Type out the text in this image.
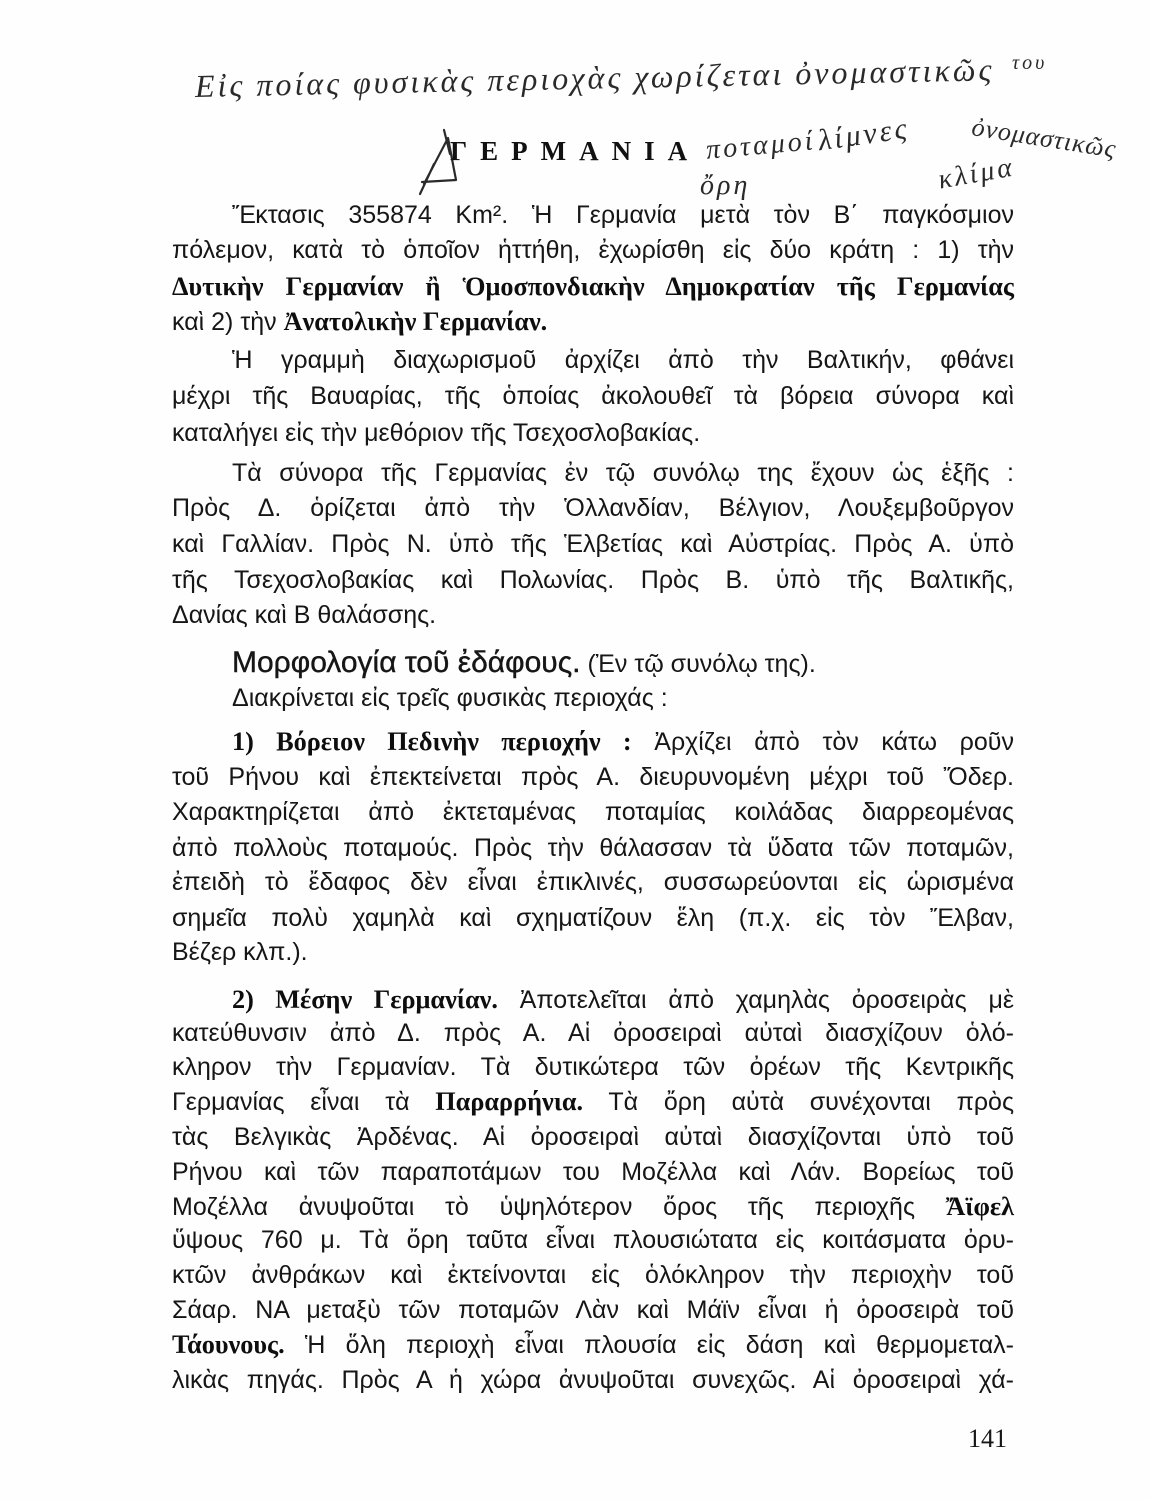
Εἰς ποίας φυσικὰς περιοχὰς χωρίζεται ὀνομαστικῶς του
ποταμοί λίμνες ὀνομαστικῶς
ὄρη	κλίμα
ΓΕΡΜΑΝΙΑ
Ἔκτασις 355874 Km². Ἡ Γερμανία μετὰ τὸν Β΄ παγκόσμιον
πόλεμον, κατὰ τὸ ὁποῖον ἡττήθη, ἐχωρίσθη εἰς δύο κράτη : 1) τὴν
Δυτικὴν Γερμανίαν ἢ Ὁμοσπονδιακὴν Δημοκρατίαν τῆς Γερμανίας
καὶ 2) τὴν Ἀνατολικὴν Γερμανίαν.
Ἡ γραμμὴ διαχωρισμοῦ ἀρχίζει ἀπὸ τὴν Βαλτικήν, φθάνει
μέχρι τῆς Βαυαρίας, τῆς ὁποίας ἀκολουθεῖ τὰ βόρεια σύνορα καὶ
καταλήγει εἰς τὴν μεθόριον τῆς Τσεχοσλοβακίας.
Τὰ σύνορα τῆς Γερμανίας ἐν τῷ συνόλῳ της ἔχουν ὡς ἑξῆς :
Πρὸς Δ. ὁρίζεται ἀπὸ τὴν Ὁλλανδίαν, Βέλγιον, Λουξεμβοῦργον
καὶ Γαλλίαν. Πρὸς Ν. ὑπὸ τῆς Ἑλβετίας καὶ Αὐστρίας. Πρὸς Α. ὑπὸ
τῆς Τσεχοσλοβακίας καὶ Πολωνίας. Πρὸς Β. ὑπὸ τῆς Βαλτικῆς,
Δανίας καὶ Β θαλάσσης.
Μορφολογία τοῦ ἐδάφους. (Ἐν τῷ συνόλῳ της).
Διακρίνεται εἰς τρεῖς φυσικὰς περιοχάς :
1) Βόρειον Πεδινὴν περιοχήν : Ἀρχίζει ἀπὸ τὸν κάτω ροῦν
τοῦ Ρήνου καὶ ἐπεκτείνεται πρὸς Α. διευρυνομένη μέχρι τοῦ Ὄδερ.
Χαρακτηρίζεται ἀπὸ ἐκτεταμένας ποταμίας κοιλάδας διαρρεομένας
ἀπὸ πολλοὺς ποταμούς. Πρὸς τὴν θάλασσαν τὰ ὕδατα τῶν ποταμῶν,
ἐπειδὴ τὸ ἔδαφος δὲν εἶναι ἐπικλινές, συσσωρεύονται εἰς ὡρισμένα
σημεῖα πολὺ χαμηλὰ καὶ σχηματίζουν ἕλη (π.χ. εἰς τὸν Ἔλβαν,
Βέζερ κλπ.).
2) Μέσην Γερμανίαν. Ἀποτελεῖται ἀπὸ χαμηλὰς ὀροσειρὰς μὲ
κατεύθυνσιν ἀπὸ Δ. πρὸς Α. Αἱ ὀροσειραὶ αὐταὶ διασχίζουν ὁλό-
κληρον τὴν Γερμανίαν. Τὰ δυτικώτερα τῶν ὀρέων τῆς Κεντρικῆς
Γερμανίας εἶναι τὰ Παραρρήνια. Τὰ ὄρη αὐτὰ συνέχονται πρὸς
τὰς Βελγικὰς Ἀρδένας. Αἱ ὀροσειραὶ αὐταὶ διασχίζονται ὑπὸ τοῦ
Ρήνου καὶ τῶν παραποτάμων του Μοζέλλα καὶ Λάν. Βορείως τοῦ
Μοζέλλα ἀνυψοῦται τὸ ὑψηλότερον ὄρος τῆς περιοχῆς Ἄϊφελ
ὕψους 760 μ. Τὰ ὄρη ταῦτα εἶναι πλουσιώτατα εἰς κοιτάσματα ὀρυ-
κτῶν ἀνθράκων καὶ ἐκτείνονται εἰς ὁλόκληρον τὴν περιοχὴν τοῦ
Σάαρ. ΝΑ μεταξὺ τῶν ποταμῶν Λὰν καὶ Μάϊν εἶναι ἡ ὀροσειρὰ τοῦ
Τάουνους. Ἡ ὅλη περιοχὴ εἶναι πλουσία εἰς δάση καὶ θερμομεταλ-
λικὰς πηγάς. Πρὸς Α ἡ χώρα ἀνυψοῦται συνεχῶς. Αἱ ὀροσειραὶ χά-
141
